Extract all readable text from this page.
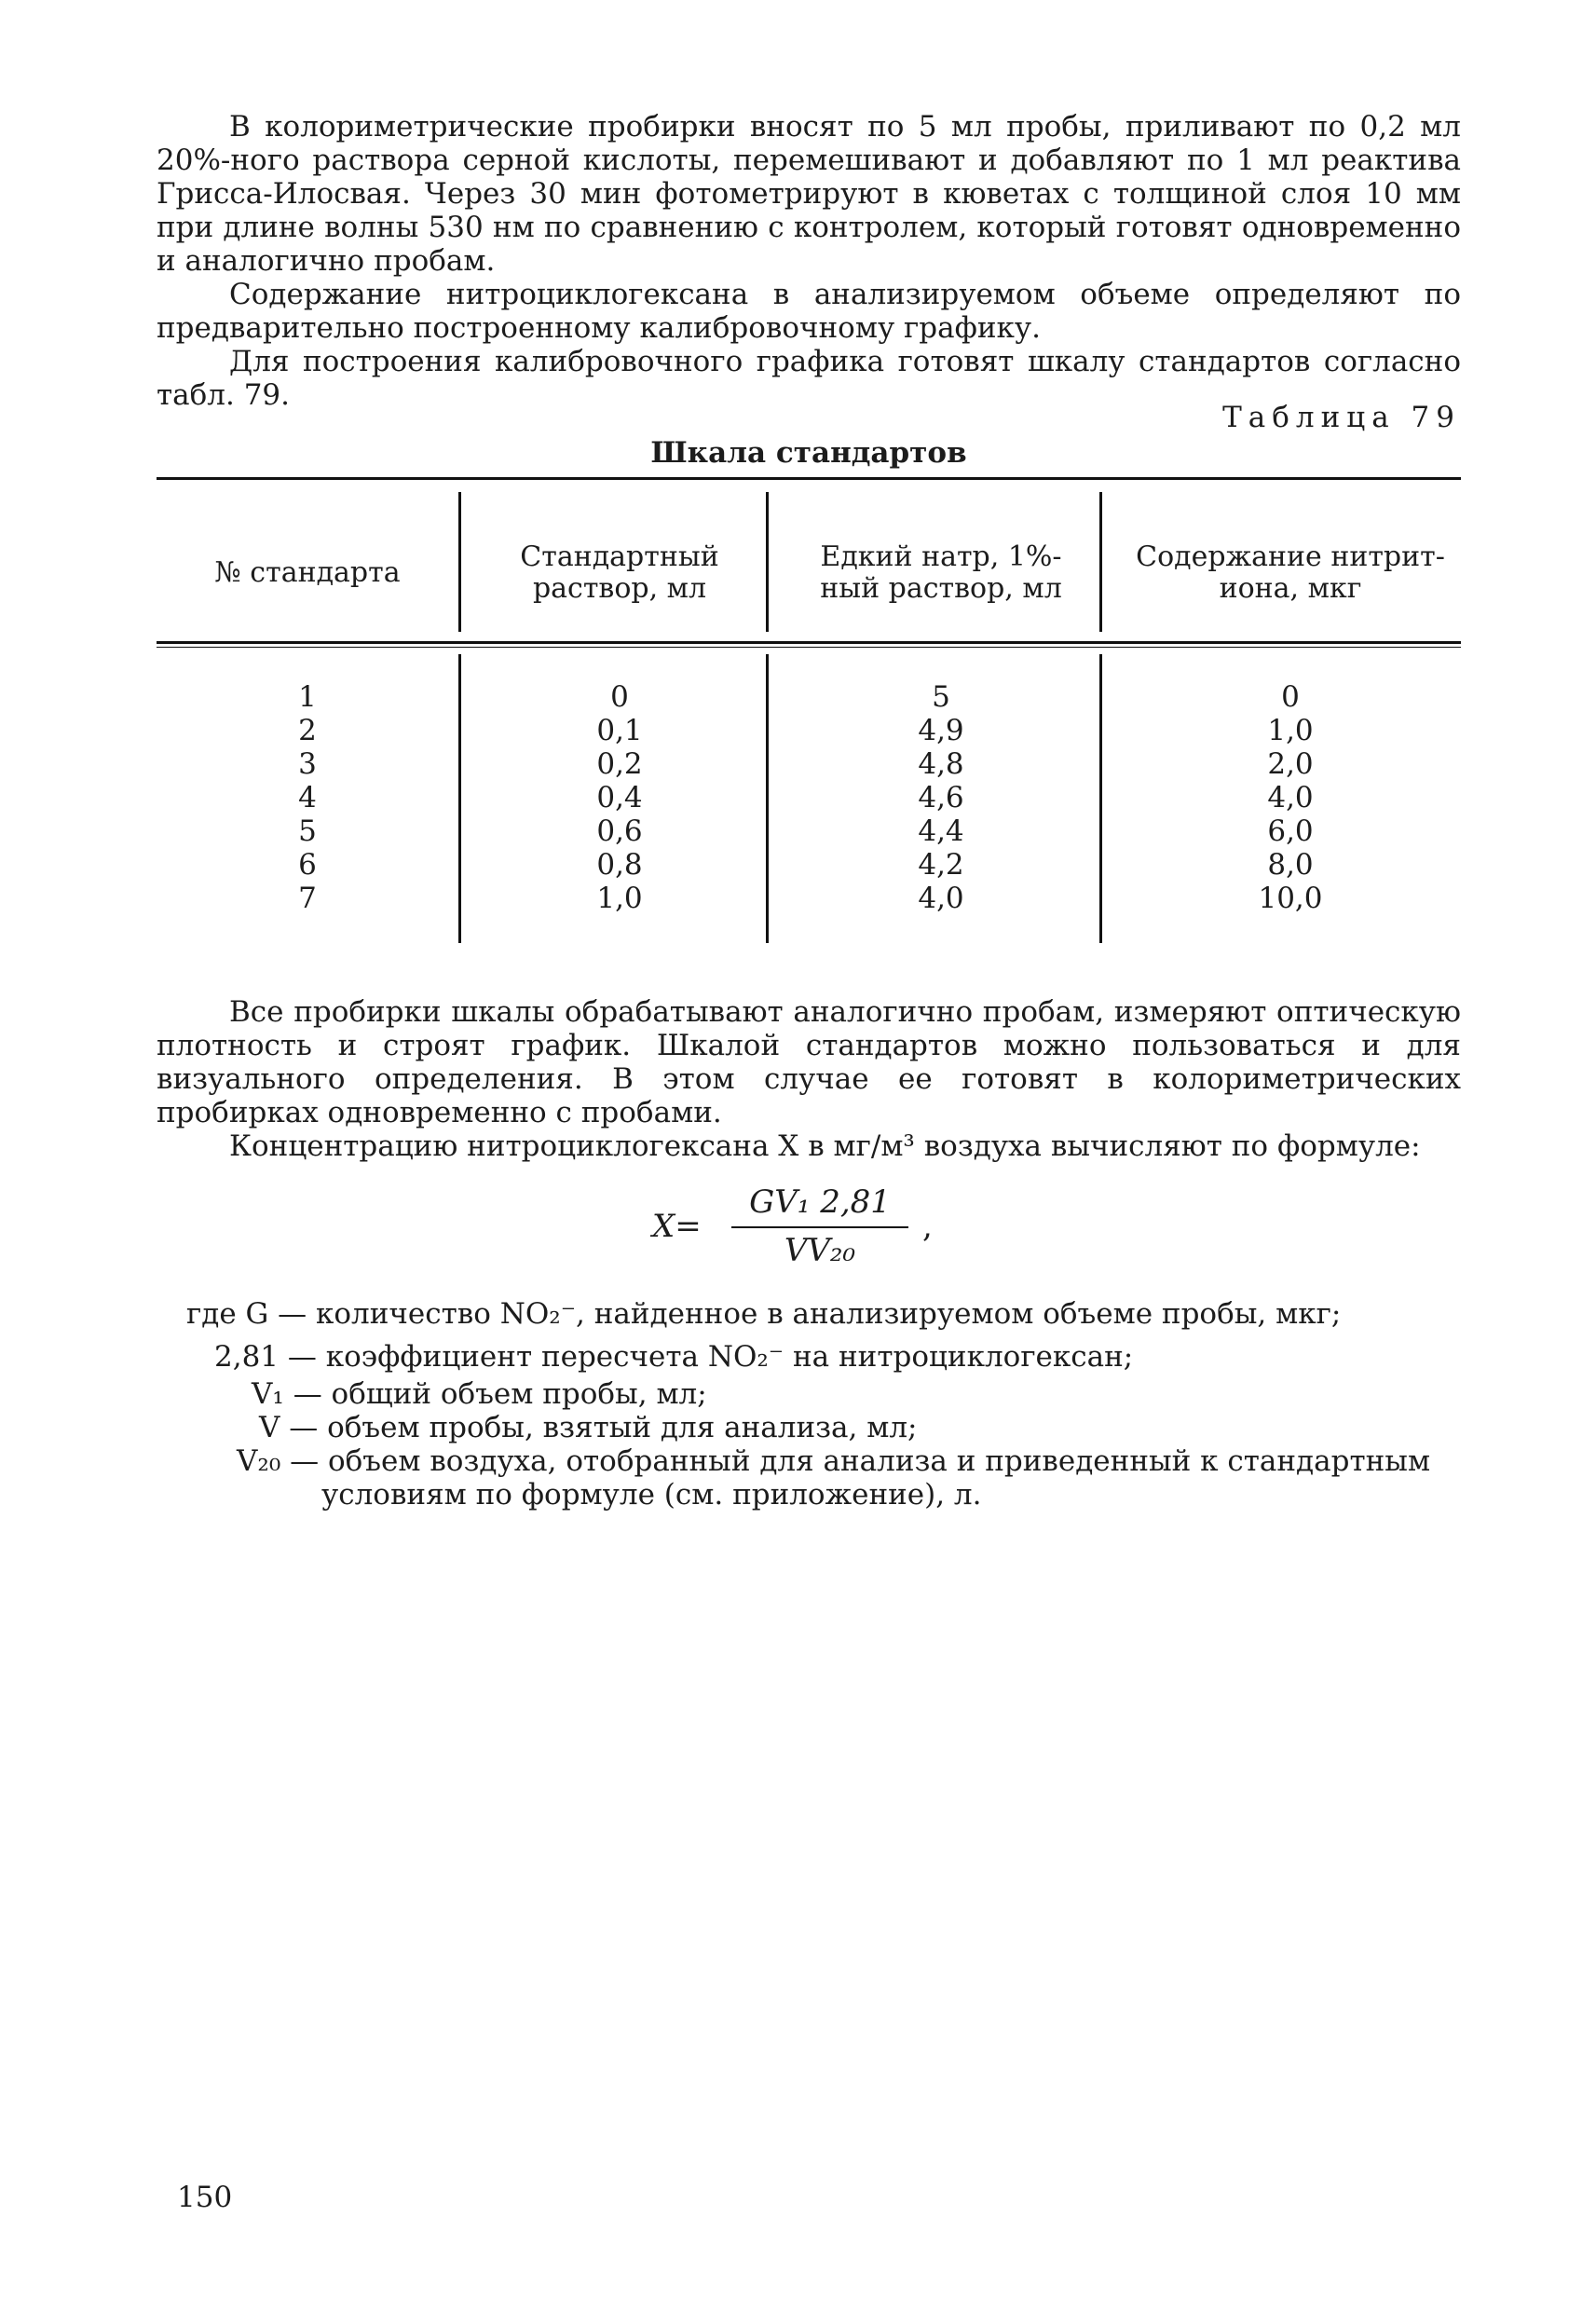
В колориметрические пробирки вносят по 5 мл пробы, приливают по 0,2 мл 20%-ного раствора серной кислоты, перемешивают и добавляют по 1 мл реактива Грисса-Илосвая. Через 30 мин фотометрируют в кюветах с толщиной слоя 10 мм при длине волны 530 нм по сравнению с контролем, который готовят одновременно и аналогично пробам.

Содержание нитроциклогексана в анализируемом объеме определяют по предварительно построенному калибровочному графику.

Для построения калибровочного графика готовят шкалу стандартов согласно табл. 79.

Таблица 79
Шкала стандартов
№ стандарта	Стандартный раствор, мл
Едкий натр, 1%-ный раствор, мл
Содержание нитрит-иона, мкг
1
2
3
4
5
6
7
0
0,1
0,2
0,4
0,6
0,8
1,0
5
4,9
4,8
4,6
4,4
4,2
4,0
0
1,0
2,0
4,0
6,0
8,0
10,0

Все пробирки шкалы обрабатывают аналогично пробам, измеряют оптическую плотность и строят график. Шкалой стандартов можно пользоваться и для визуального определения. В этом случае ее готовят в колориметрических пробирках одновременно с пробами.

Концентрацию нитроциклогексана X в мг/м³ воздуха вычисляют по формуле:

X=
GV₁ 2,81
VV₂₀
,
где G — количество NO₂⁻, найденное в анализируемом объеме пробы, мкг;
2,81 — коэффициент пересчета NO₂⁻ на нитроциклогексан;
V₁ — общий объем пробы, мл;
V — объем пробы, взятый для анализа, мл;
V₂₀ — объем воздуха, отобранный для анализа и приведенный к стандартным
условиям по формуле (см. приложение), л.
150
